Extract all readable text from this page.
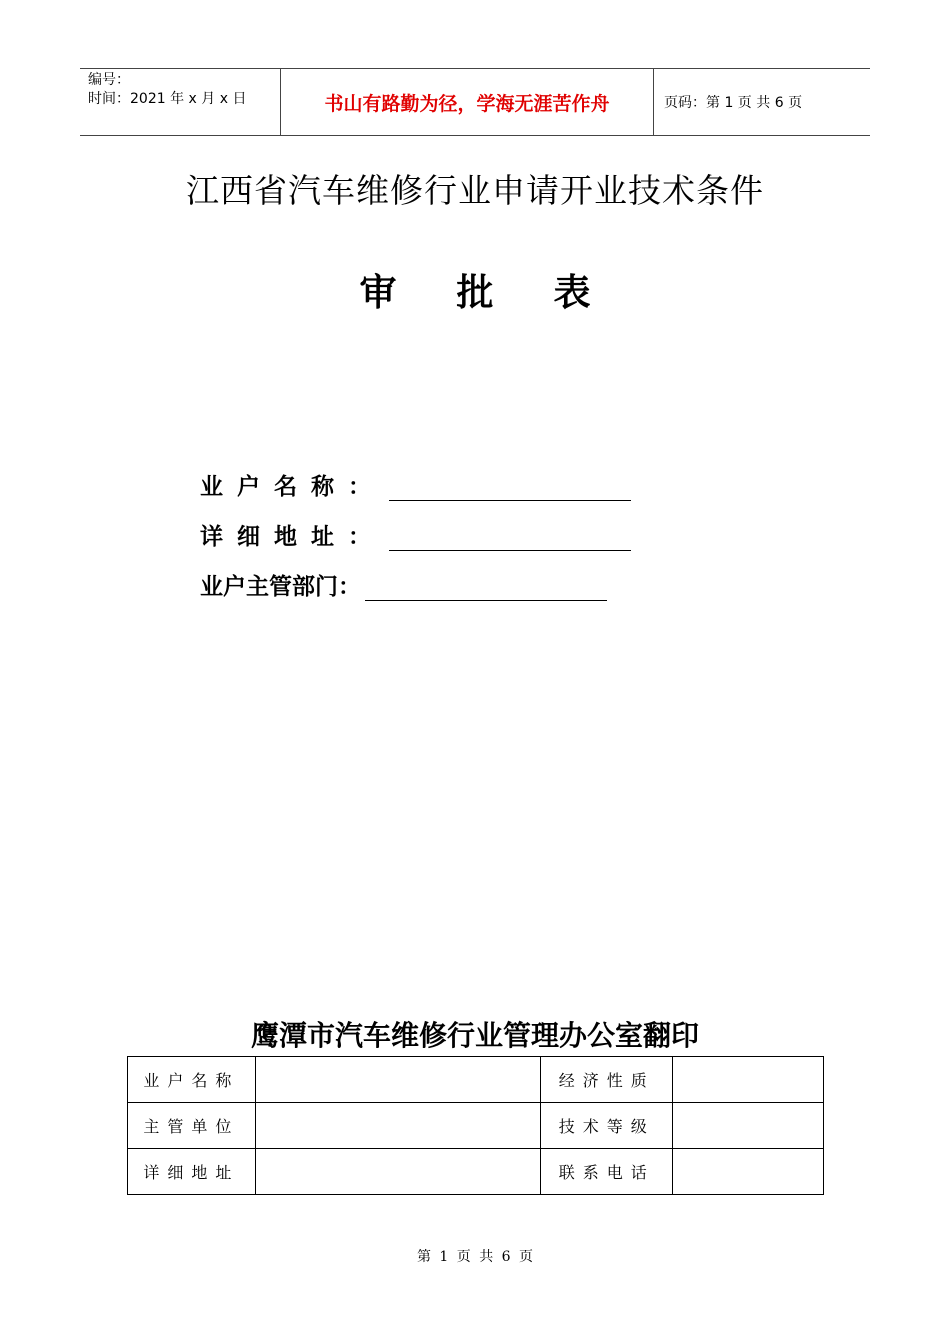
编号：
时间：2021 年 x 月 x 日	书山有路勤为径，学海无涯苦作舟	页码：第 1 页 共 6 页
江西省汽车维修行业申请开业技术条件
审批表
业户名称：
详细地址：
业户主管部门：
鹰潭市汽车维修行业管理办公室翻印
业户名称		经济性质	
主管单位		技术等级	
详细地址		联系电话	
第 1 页 共 6 页
